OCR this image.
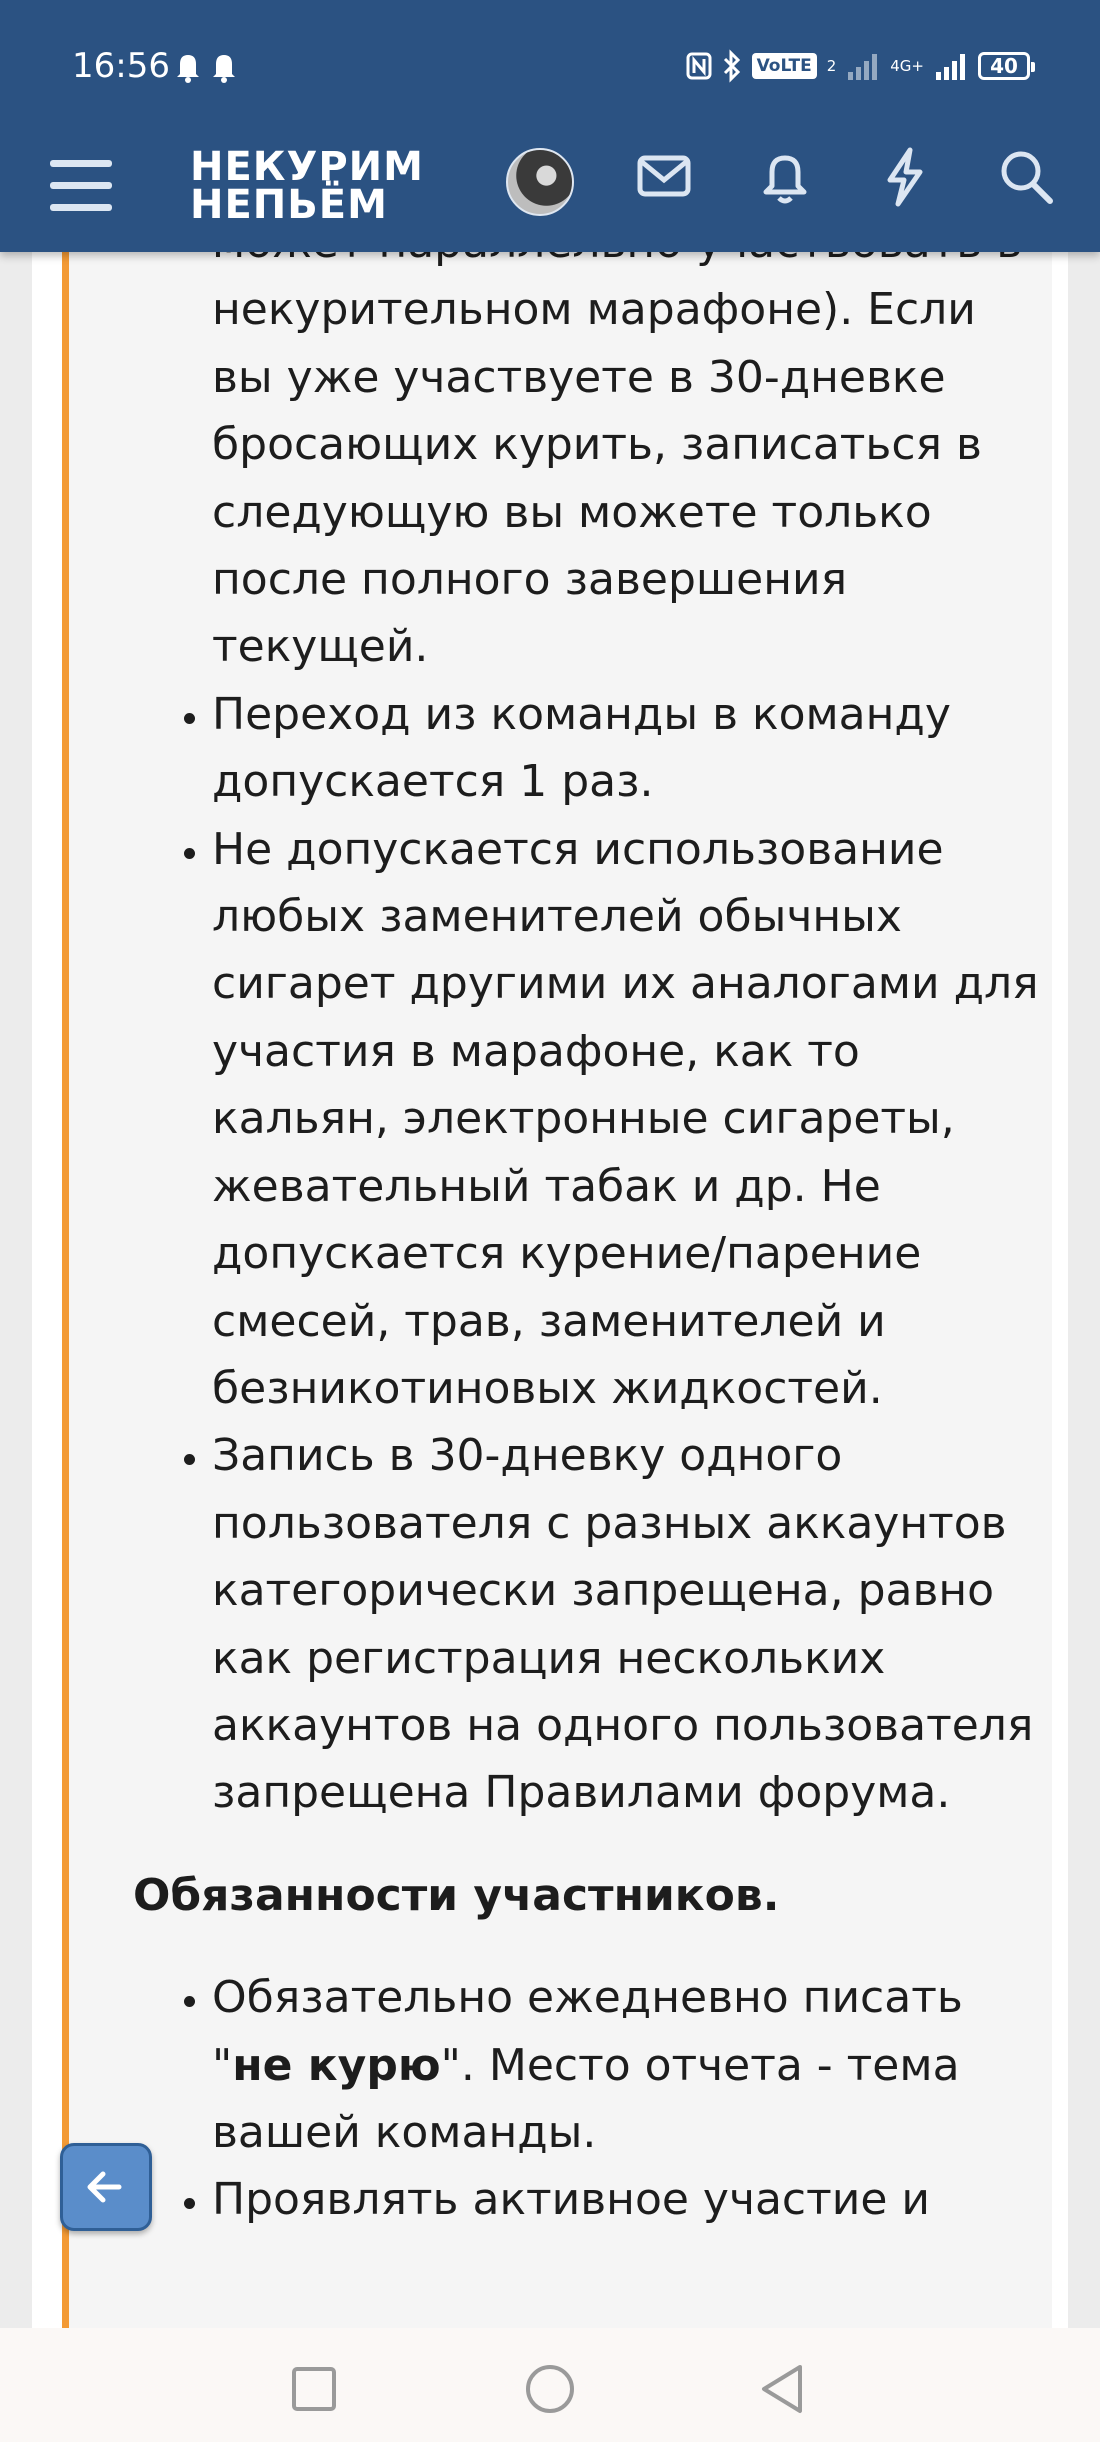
16:56	VoLTE	2	4G+	40
НЕКУРИМ
НЕПЬЁМ
некурительном марафоне). Если вы уже участвуете в 30-дневке бросающих курить, записаться в следующую вы можете только после полного завершения текущей.
• Переход из команды в команду допускается 1 раз.
• Не допускается использование любых заменителей обычных сигарет другими их аналогами для участия в марафоне, как то кальян, электронные сигареты, жевательный табак и др. Не допускается курение/парение смесей, трав, заменителей и безникотиновых жидкостей.
• Запись в 30-дневку одного пользователя с разных аккаунтов категорически запрещена, равно как регистрация нескольких аккаунтов на одного пользователя запрещена Правилами форума.
Обязанности участников.
• Обязательно ежедневно писать "не курю". Место отчета - тема вашей команды.
• Проявлять активное участие и
